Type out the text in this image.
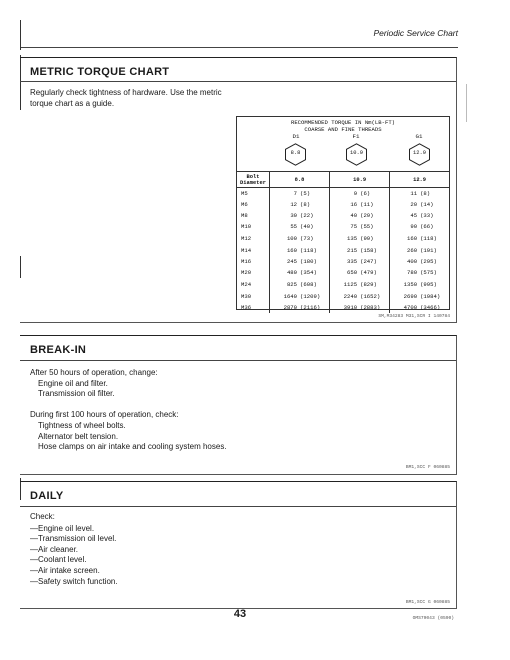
Periodic Service Chart
METRIC TORQUE CHART
Regularly check tightness of hardware. Use the metric
torque chart as a guide.
SM,M34283 M31,SCR I 140784
RECOMMENDED TORQUE IN Nm(LB-FT)
COARSE AND FINE THREADS
D1	F1	G1
8.8	10.9	12.9
Bolt Diameter	8.8	10.9	12.9
M5	7 (5)	9 (6)	11 (8)
M6	12 (8)	16 (11)	20 (14)
M8	30 (22)	40 (29)	45 (33)
M10	55 (40)	75 (55)	90 (66)
M12	100 (73)	135 (99)	160 (118)
M14	160 (118)	215 (158)	260 (191)
M16	245 (180)	335 (247)	400 (295)
M20	480 (354)	650 (479)	780 (575)
M24	825 (608)	1125 (829)	1350 (995)
M30	1640 (1209)	2240 (1652)	2690 (1984)
M36	2870 (2116)	3910 (2883)	4700 (3466)
BREAK-IN
After 50 hours of operation, change:
Engine oil and filter.
Transmission oil filter.
During first 100 hours of operation, check:
Tightness of wheel bolts.
Alternator belt tension.
Hose clamps on air intake and cooling system hoses.
BM1,SCC F 060885
DAILY
Check:
—Engine oil level.
—Transmission oil level.
—Air cleaner.
—Coolant level.
—Air intake screen.
—Safety switch function.
BM1,SCC G 060885
43	OMS79043 (0590)
